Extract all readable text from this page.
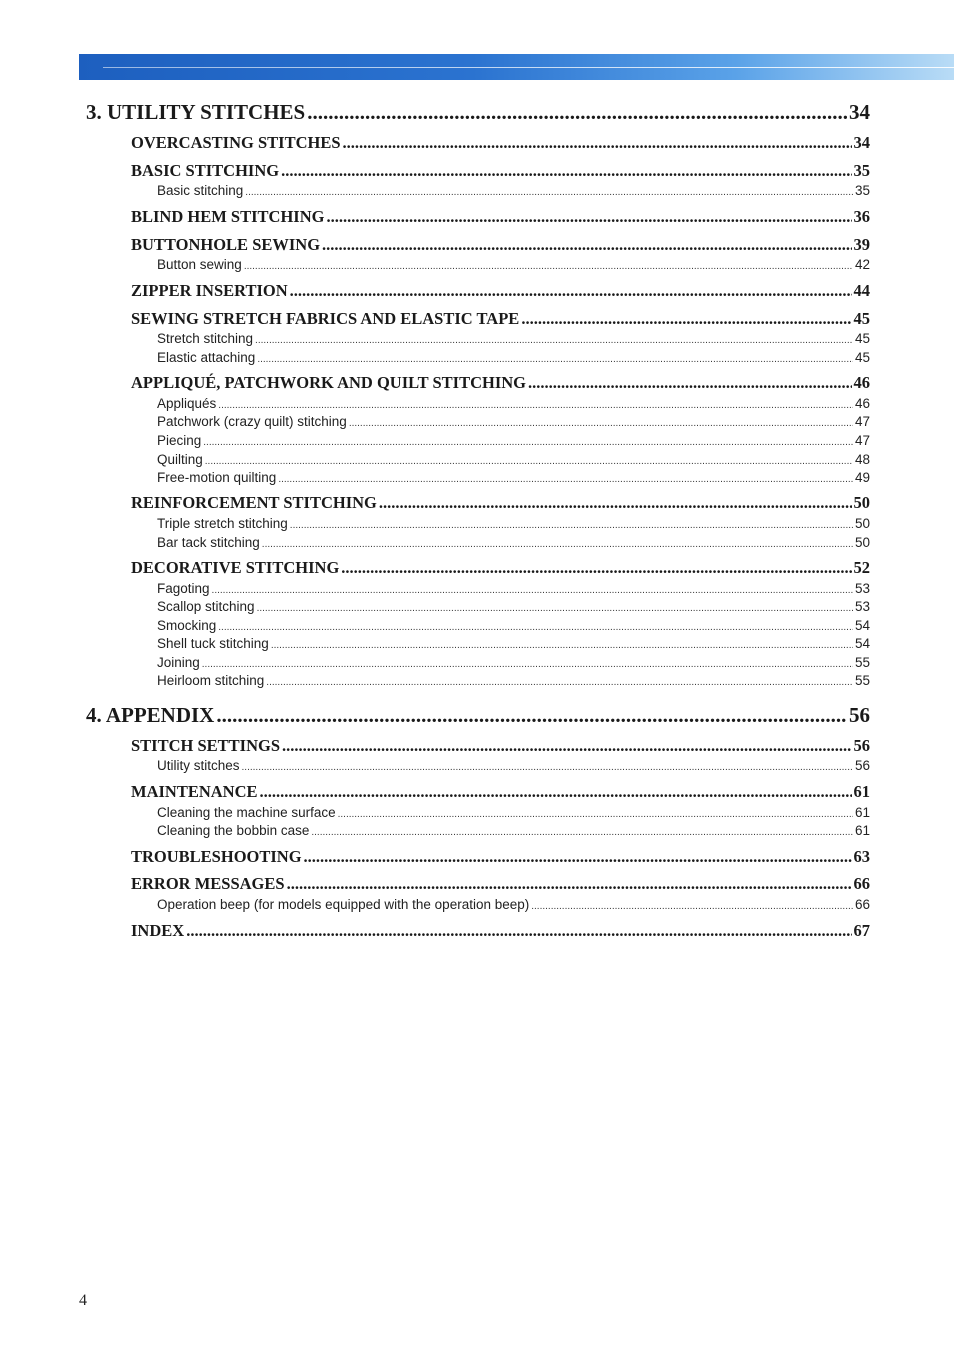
3. UTILITY STITCHES .....	34
OVERCASTING STITCHES .....	34
BASIC STITCHING .....	35
Basic stitching .....	35
BLIND HEM STITCHING .....	36
BUTTONHOLE SEWING .....	39
Button sewing .....	42
ZIPPER INSERTION .....	44
SEWING STRETCH FABRICS AND ELASTIC TAPE .....	45
Stretch stitching .....	45
Elastic attaching .....	45
APPLIQUÉ, PATCHWORK AND QUILT STITCHING .....	46
Appliqués .....	46
Patchwork (crazy quilt) stitching .....	47
Piecing .....	47
Quilting .....	48
Free-motion quilting .....	49
REINFORCEMENT STITCHING .....	50
Triple stretch stitching .....	50
Bar tack stitching .....	50
DECORATIVE STITCHING .....	52
Fagoting .....	53
Scallop stitching .....	53
Smocking .....	54
Shell tuck stitching .....	54
Joining .....	55
Heirloom stitching .....	55
4. APPENDIX .....	56
STITCH SETTINGS .....	56
Utility stitches .....	56
MAINTENANCE .....	61
Cleaning the machine surface .....	61
Cleaning the bobbin case .....	61
TROUBLESHOOTING .....	63
ERROR MESSAGES .....	66
Operation beep (for models equipped with the operation beep) .....	66
INDEX .....	67
4
